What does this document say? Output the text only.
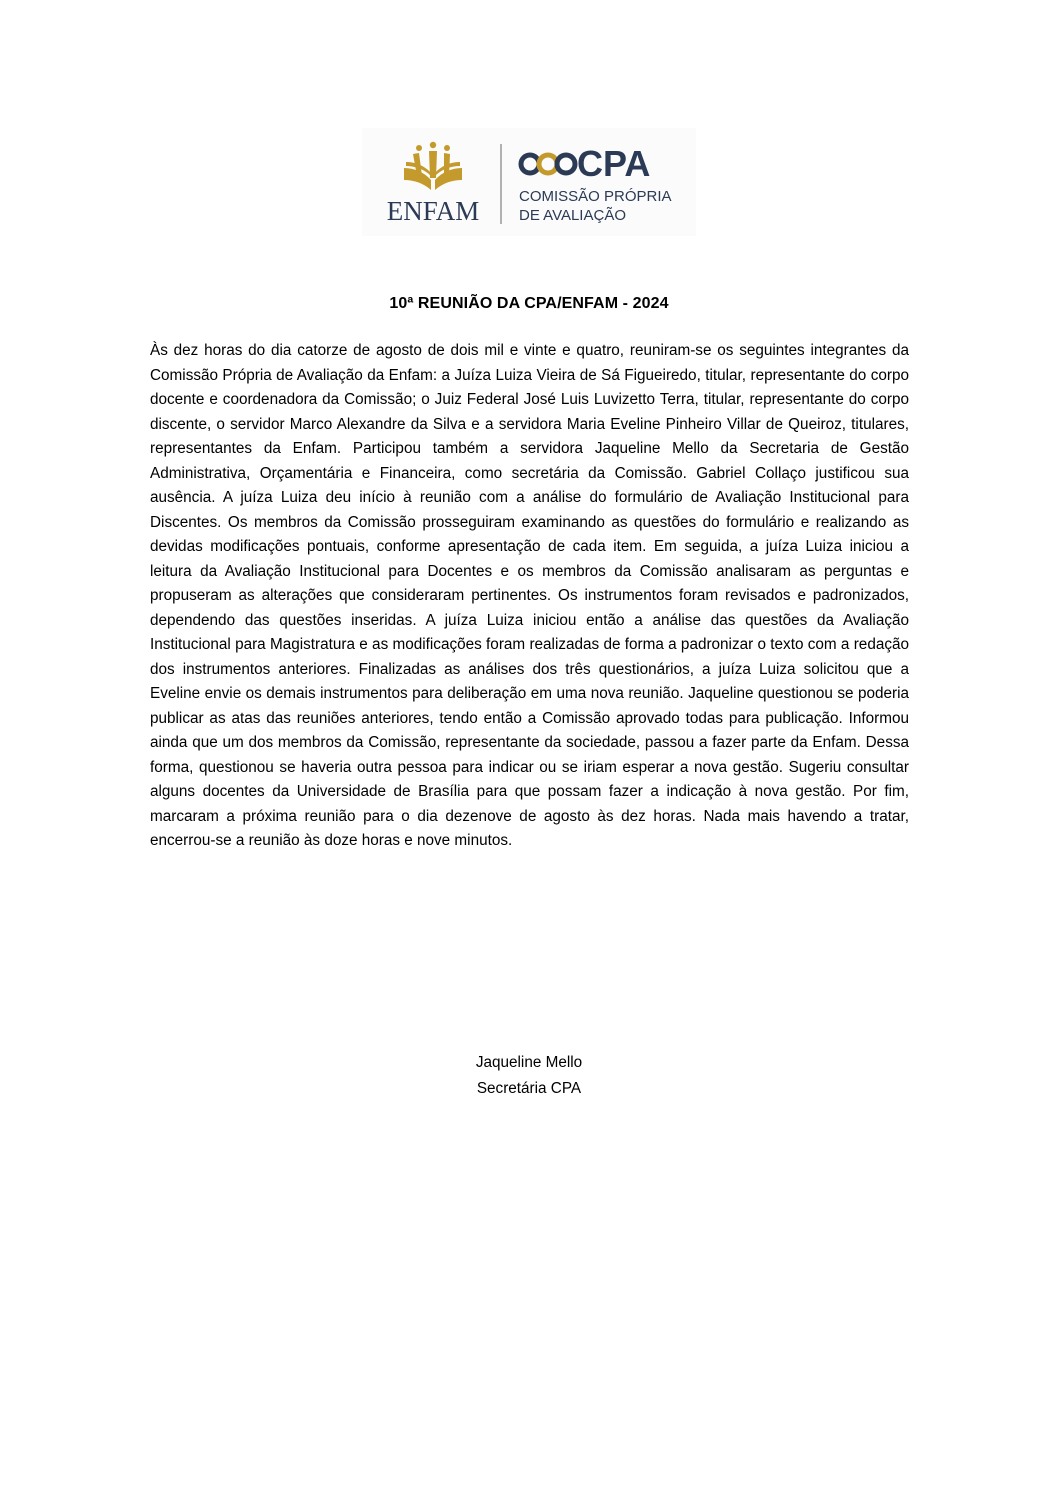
ENFAM
CPA
COMISSÃO PRÓPRIA
DE AVALIAÇÃO
10ª REUNIÃO DA CPA/ENFAM - 2024

Às dez horas do dia catorze de agosto de dois mil e vinte e quatro, reuniram-se os seguintes integrantes da Comissão Própria de Avaliação da Enfam: a Juíza Luiza Vieira de Sá Figueiredo, titular, representante do corpo docente e coordenadora da Comissão; o Juiz Federal José Luis Luvizetto Terra, titular, representante do corpo discente, o servidor Marco Alexandre da Silva e a servidora Maria Eveline Pinheiro Villar de Queiroz, titulares, representantes da Enfam. Participou também a servidora Jaqueline Mello da Secretaria de Gestão Administrativa, Orçamentária e Financeira, como secretária da Comissão. Gabriel Collaço justificou sua ausência. A juíza Luiza deu início à reunião com a análise do formulário de Avaliação Institucional para Discentes. Os membros da Comissão prosseguiram examinando as questões do formulário e realizando as devidas modificações pontuais, conforme apresentação de cada item. Em seguida, a juíza Luiza iniciou a leitura da Avaliação Institucional para Docentes e os membros da Comissão analisaram as perguntas e propuseram as alterações que consideraram pertinentes. Os instrumentos foram revisados e padronizados, dependendo das questões inseridas. A juíza Luiza iniciou então a análise das questões da Avaliação Institucional para Magistratura e as modificações foram realizadas de forma a padronizar o texto com a redação dos instrumentos anteriores. Finalizadas as análises dos três questionários, a juíza Luiza solicitou que a Eveline envie os demais instrumentos para deliberação em uma nova reunião. Jaqueline questionou se poderia publicar as atas das reuniões anteriores, tendo então a Comissão aprovado todas para publicação. Informou ainda que um dos membros da Comissão, representante da sociedade, passou a fazer parte da Enfam. Dessa forma, questionou se haveria outra pessoa para indicar ou se iriam esperar a nova gestão. Sugeriu consultar alguns docentes da Universidade de Brasília para que possam fazer a indicação à nova gestão. Por fim, marcaram a próxima reunião para o dia dezenove de agosto às dez horas. Nada mais havendo a tratar, encerrou-se a reunião às doze horas e nove minutos.

Jaqueline Mello
Secretária CPA
